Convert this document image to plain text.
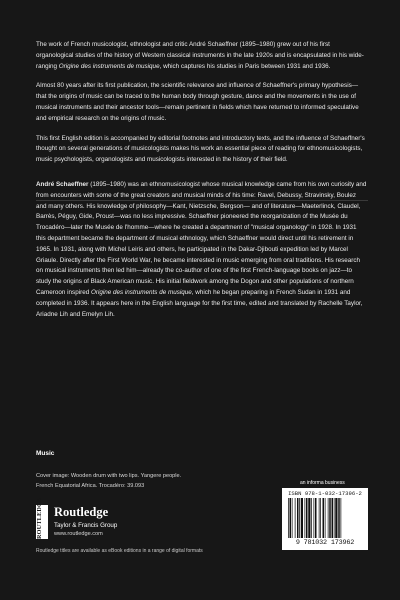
The work of French musicologist, ethnologist and critic André Schaeffner (1895–1980) grew out of his first organological studies of the history of Western classical instruments in the late 1920s and is encapsulated in his wide-ranging Origine des instruments de musique, which captures his studies in Paris between 1931 and 1936.

Almost 80 years after its first publication, the scientific relevance and influence of Schaeffner's primary hypothesis—that the origins of music can be traced to the human body through gesture, dance and the movements in the use of musical instruments and their ancestor tools—remain pertinent in fields which have returned to informed speculative and empirical research on the origins of music.

This first English edition is accompanied by editorial footnotes and introductory texts, and the influence of Schaeffner's thought on several generations of musicologists makes his work an essential piece of reading for ethnomusicologists, music psychologists, organologists and musicologists interested in the history of their field.

André Schaeffner (1895–1980) was an ethnomusicologist whose musical knowledge came from his own curiosity and from encounters with some of the great creators and musical minds of his time: Ravel, Debussy, Stravinsky, Boulez and many others. His knowledge of philosophy—Kant, Nietzsche, Bergson— and of literature—Maeterlinck, Claudel, Barrès, Péguy, Gide, Proust—was no less impressive. Schaeffner pioneered the reorganization of the Musée du Trocadéro—later the Musée de l'homme—where he created a department of "musical organology" in 1928. In 1931 this department became the department of musical ethnology, which Schaeffner would direct until his retirement in 1965. In 1931, along with Michel Leiris and others, he participated in the Dakar-Djibouti expedition led by Marcel Griaule. Directly after the First World War, he became interested in music emerging from oral traditions. His research on musical instruments then led him—already the co-author of one of the first French-language books on jazz—to study the origins of Black American music. His initial fieldwork among the Dogon and other populations of northern Cameroon inspired Origine des instruments de musique, which he began preparing in French Sudan in 1931 and completed in 1936. It appears here in the English language for the first time, edited and translated by Rachelle Taylor, Ariadne Lih and Emelyn Lih.

Music
Cover image: Wooden drum with two lips. Yangere people.
French Equatorial Africa. Trocadéro: 39.093
ROUTLEDGE Routledge
Taylor & Francis Group
www.routledge.com
Routledge titles are available as eBook editions in a range of digital formats
an informa business
ISBN 978-1-032-17396-2
9 781032 173962
